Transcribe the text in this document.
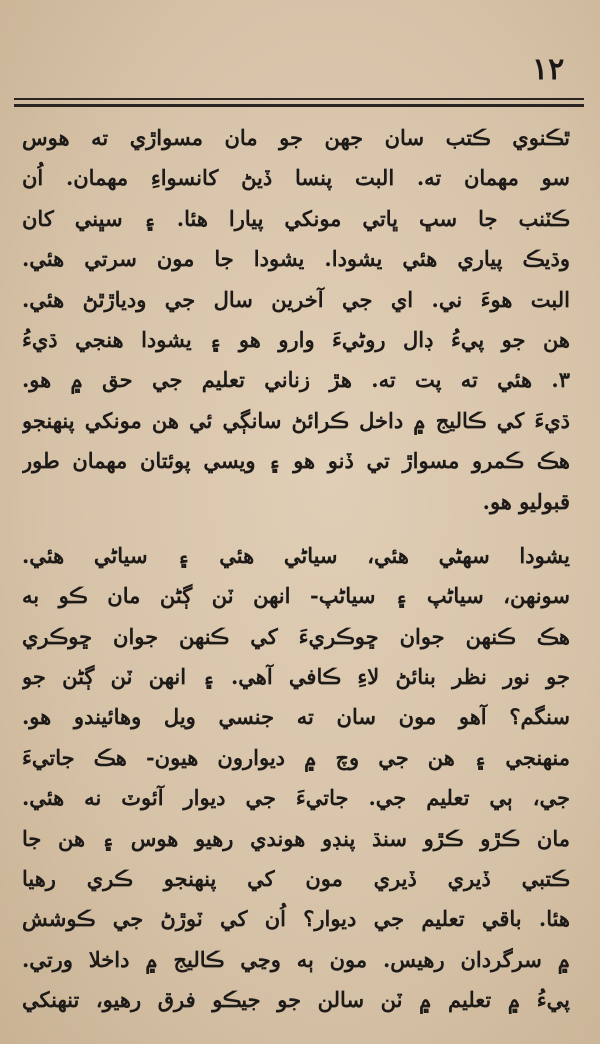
١٢
ٿڪنوي ڪتب سان جهن جو مان مسواڙي ته هوس
سو مهمان ته. البت پنسا ڏيڻ کانسواءِ مهمان. اُن
ڪٽنب جا سڀ ڀاتي مونکي پيارا هئا. ۽ سڀني کان
وڌيڪ پياري هئي يشودا. يشودا جا مون سرتي هئي.
البت هوءَ ني. اي جي آخرين سال جي ودياڙٿڻ هئي.
هن جو پيءُ ڊال روڻيءَ وارو هو ۽ يشودا هنجي ڌيءُ
٣. هئي ته پت ته. هڙ زناني تعليم جي حق ۾ هو.
ڌيءَ کي ڪاليج ۾ داخل ڪرائڻ سانڳي ئي هن مونکي پنهنجو
هڪ ڪمرو مسواڙ تي ڏنو هو ۽ ويسي پوئتان مهمان طور
قبوليو هو.
يشودا سهڻي هئي، سياڻي هئي ۽ سياڻي هئي.
سونهن، سياڻپ ۽ سياڻپ- انهن ٽن ڳڻن مان ڪو به
هڪ ڪنهن جوان ڇوڪريءَ کي ڪنهن جوان ڇوڪري
جو نور نظر بنائڻ لاءِ ڪافي آهي. ۽ انهن ٽن ڳڻن جو
سنگم؟ آهو مون سان ته جنسي ويل وهائيندو هو.
منهنجي ۽ هن جي وچ ۾ ديوارون هيون- هڪ جاتيءَ
جي، ٻي تعليم جي. جاتيءَ جي ديوار آئوٽ نه هئي.
مان ڪڙو ڪڙو سنڌ پنڊو هوندي رهيو هوس ۽ هن جا
ڪتبي ڏيري ڏيري مون کي پنهنجو ڪري رهيا
هئا. باقي تعليم جي ديوار؟ اُن کي ٽوڙڻ جي ڪوشش
۾ سرگردان رهيس. مون ٻه وڃي ڪاليج ۾ داخلا ورتي.
پيءُ ۾ تعليم ۾ ٽن سالن جو جيڪو فرق رهيو، تنهنکي
